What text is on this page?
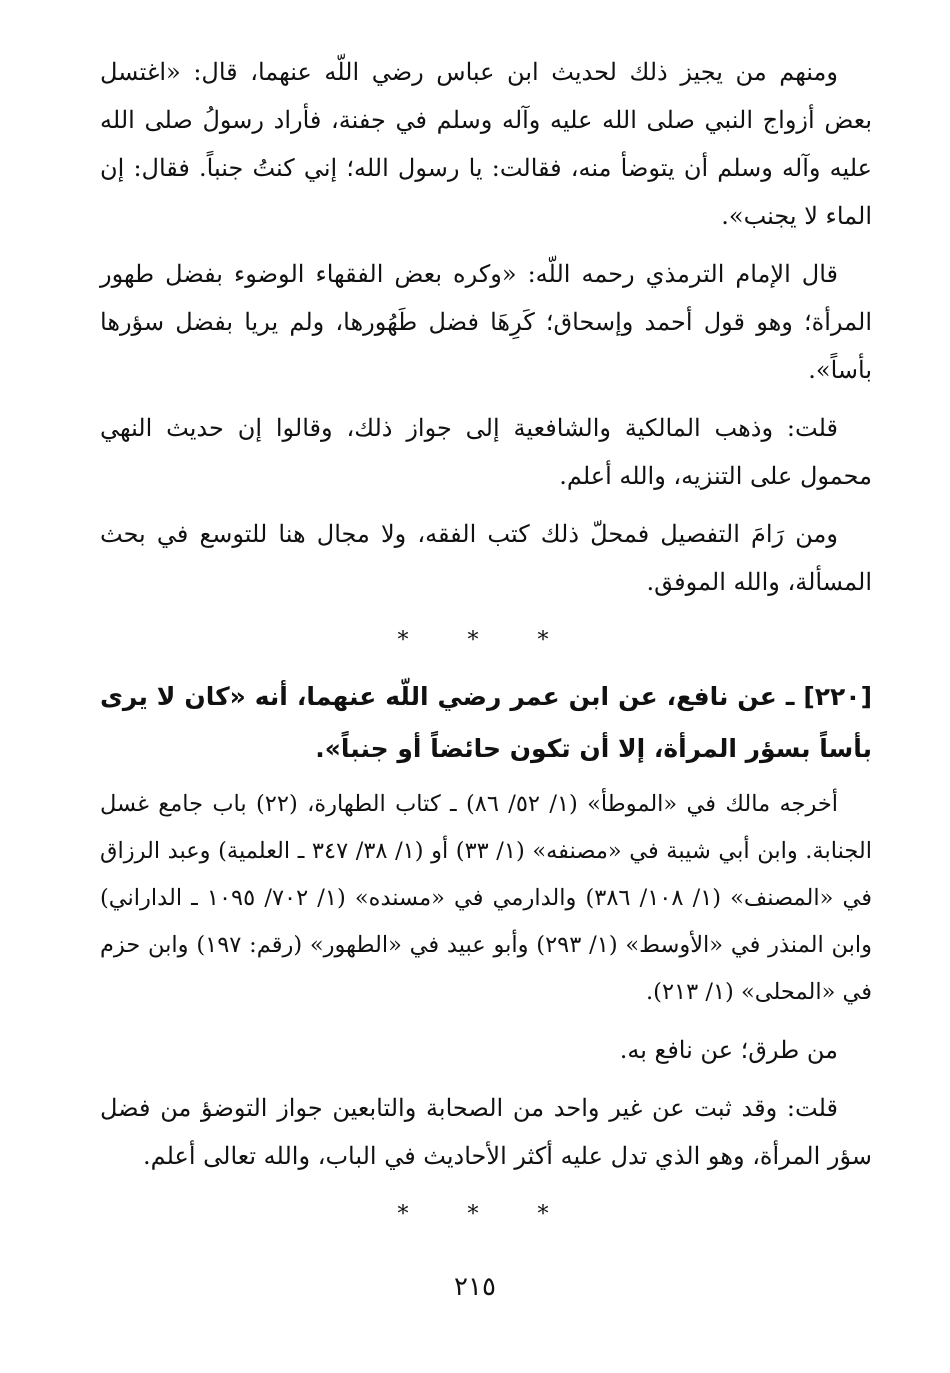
ومنهم من يجيز ذلك لحديث ابن عباس رضي اللّه عنهما، قال: «اغتسل بعض أزواج النبي صلى الله عليه وآله وسلم في جفنة، فأراد رسولُ صلى الله عليه وآله وسلم أن يتوضأ منه، فقالت: يا رسول الله؛ إني كنتُ جنباً. فقال: إن الماء لا يجنب».

قال الإمام الترمذي رحمه اللّه: «وكره بعض الفقهاء الوضوء بفضل طهور المرأة؛ وهو قول أحمد وإسحاق؛ كَرِهَا فضل طَهُورها، ولم يريا بفضل سؤرها بأساً».

قلت: وذهب المالكية والشافعية إلى جواز ذلك، وقالوا إن حديث النهي محمول على التنزيه، والله أعلم.

ومن رَامَ التفصيل فمحلّ ذلك كتب الفقه، ولا مجال هنا للتوسع في بحث المسألة، والله الموفق.

* * *

[٢٢٠] ـ عن نافع، عن ابن عمر رضي اللّه عنهما، أنه «كان لا يرى بأساً بسؤر المرأة، إلا أن تكون حائضاً أو جنباً».

أخرجه مالك في «الموطأ» (١/ ٥٢/ ٨٦) ـ كتاب الطهارة، (٢٢) باب جامع غسل الجنابة. وابن أبي شيبة في «مصنفه» (١/ ٣٣) أو (١/ ٣٨/ ٣٤٧ ـ العلمية) وعبد الرزاق في «المصنف» (١/ ١٠٨/ ٣٨٦) والدارمي في «مسنده» (١/ ٧٠٢/ ١٠٩٥ ـ الداراني) وابن المنذر في «الأوسط» (١/ ٢٩٣) وأبو عبيد في «الطهور» (رقم: ١٩٧) وابن حزم في «المحلى» (١/ ٢١٣).

من طرق؛ عن نافع به.

قلت: وقد ثبت عن غير واحد من الصحابة والتابعين جواز التوضؤ من فضل سؤر المرأة، وهو الذي تدل عليه أكثر الأحاديث في الباب، والله تعالى أعلم.

* * *
٢١٥
